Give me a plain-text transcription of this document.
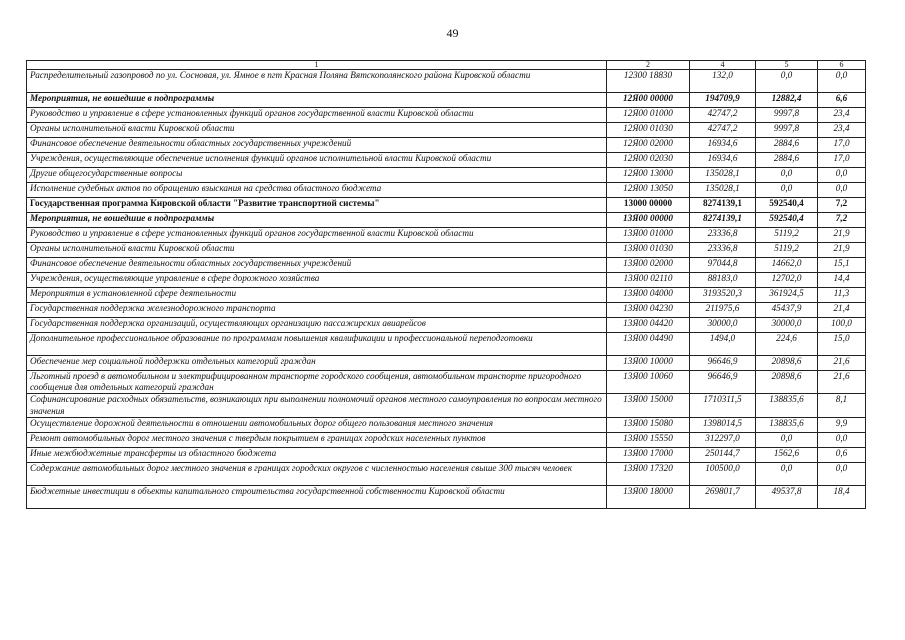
49
1	2	4	5	6
Распределительный газопровод по ул. Сосновая, ул. Ямное в пгт Красная Поляна Вятскополянского района Кировской области	12300 18830	132,0	0,0	0,0
Мероприятия, не вошедшие в подпрограммы	12Я00 00000	194709,9	12882,4	6,6
Руководство и управление в сфере установленных функций органов государственной власти Кировской области	12Я00 01000	42747,2	9997,8	23,4
Органы исполнительной власти Кировской области	12Я00 01030	42747,2	9997,8	23,4
Финансовое обеспечение деятельности областных государственных учреждений	12Я00 02000	16934,6	2884,6	17,0
Учреждения, осуществляющие обеспечение исполнения функций органов исполнительной власти Кировской области	12Я00 02030	16934,6	2884,6	17,0
Другие общегосударственные вопросы	12Я00 13000	135028,1	0,0	0,0
Исполнение судебных актов по обращению взыскания на средства областного бюджета	12Я00 13050	135028,1	0,0	0,0
Государственная программа Кировской области "Развитие транспортной системы"	13000 00000	8274139,1	592540,4	7,2
Мероприятия, не вошедшие в подпрограммы	13Я00 00000	8274139,1	592540,4	7,2
Руководство и управление в сфере установленных функций органов государственной власти Кировской области	13Я00 01000	23336,8	5119,2	21,9
Органы исполнительной власти Кировской области	13Я00 01030	23336,8	5119,2	21,9
Финансовое обеспечение деятельности областных государственных учреждений	13Я00 02000	97044,8	14662,0	15,1
Учреждения, осуществляющие управление в сфере дорожного хозяйства	13Я00 02110	88183,0	12702,0	14,4
Мероприятия в установленной сфере деятельности	13Я00 04000	3193520,3	361924,5	11,3
Государственная поддержка железнодорожного транспорта	13Я00 04230	211975,6	45437,9	21,4
Государственная поддержка организаций, осуществляющих организацию пассажирских авиарейсов	13Я00 04420	30000,0	30000,0	100,0
Дополнительное профессиональное образование по программам повышения квалификации и профессиональной переподготовки	13Я00 04490	1494,0	224,6	15,0
Обеспечение мер социальной поддержки отдельных категорий граждан	13Я00 10000	96646,9	20898,6	21,6
Льготный проезд в автомобильном и электрифицированном транспорте городского сообщения, автомобильном транспорте пригородного сообщения для отдельных категорий граждан	13Я00 10060	96646,9	20898,6	21,6
Софинансирование расходных обязательств, возникающих при выполнении полномочий органов местного самоуправления по вопросам местного значения	13Я00 15000	1710311,5	138835,6	8,1
Осуществление дорожной деятельности в отношении автомобильных дорог общего пользования местного значения	13Я00 15080	1398014,5	138835,6	9,9
Ремонт автомобильных дорог местного значения с твердым покрытием в границах городских населенных пунктов	13Я00 15550	312297,0	0,0	0,0
Иные межбюджетные трансферты из областного бюджета	13Я00 17000	250144,7	1562,6	0,6
Содержание автомобильных дорог местного значения в границах городских округов с численностью населения свыше 300 тысяч человек	13Я00 17320	100500,0	0,0	0,0
Бюджетные инвестиции в объекты капитального строительства государственной собственности Кировской области	13Я00 18000	269801,7	49537,8	18,4
